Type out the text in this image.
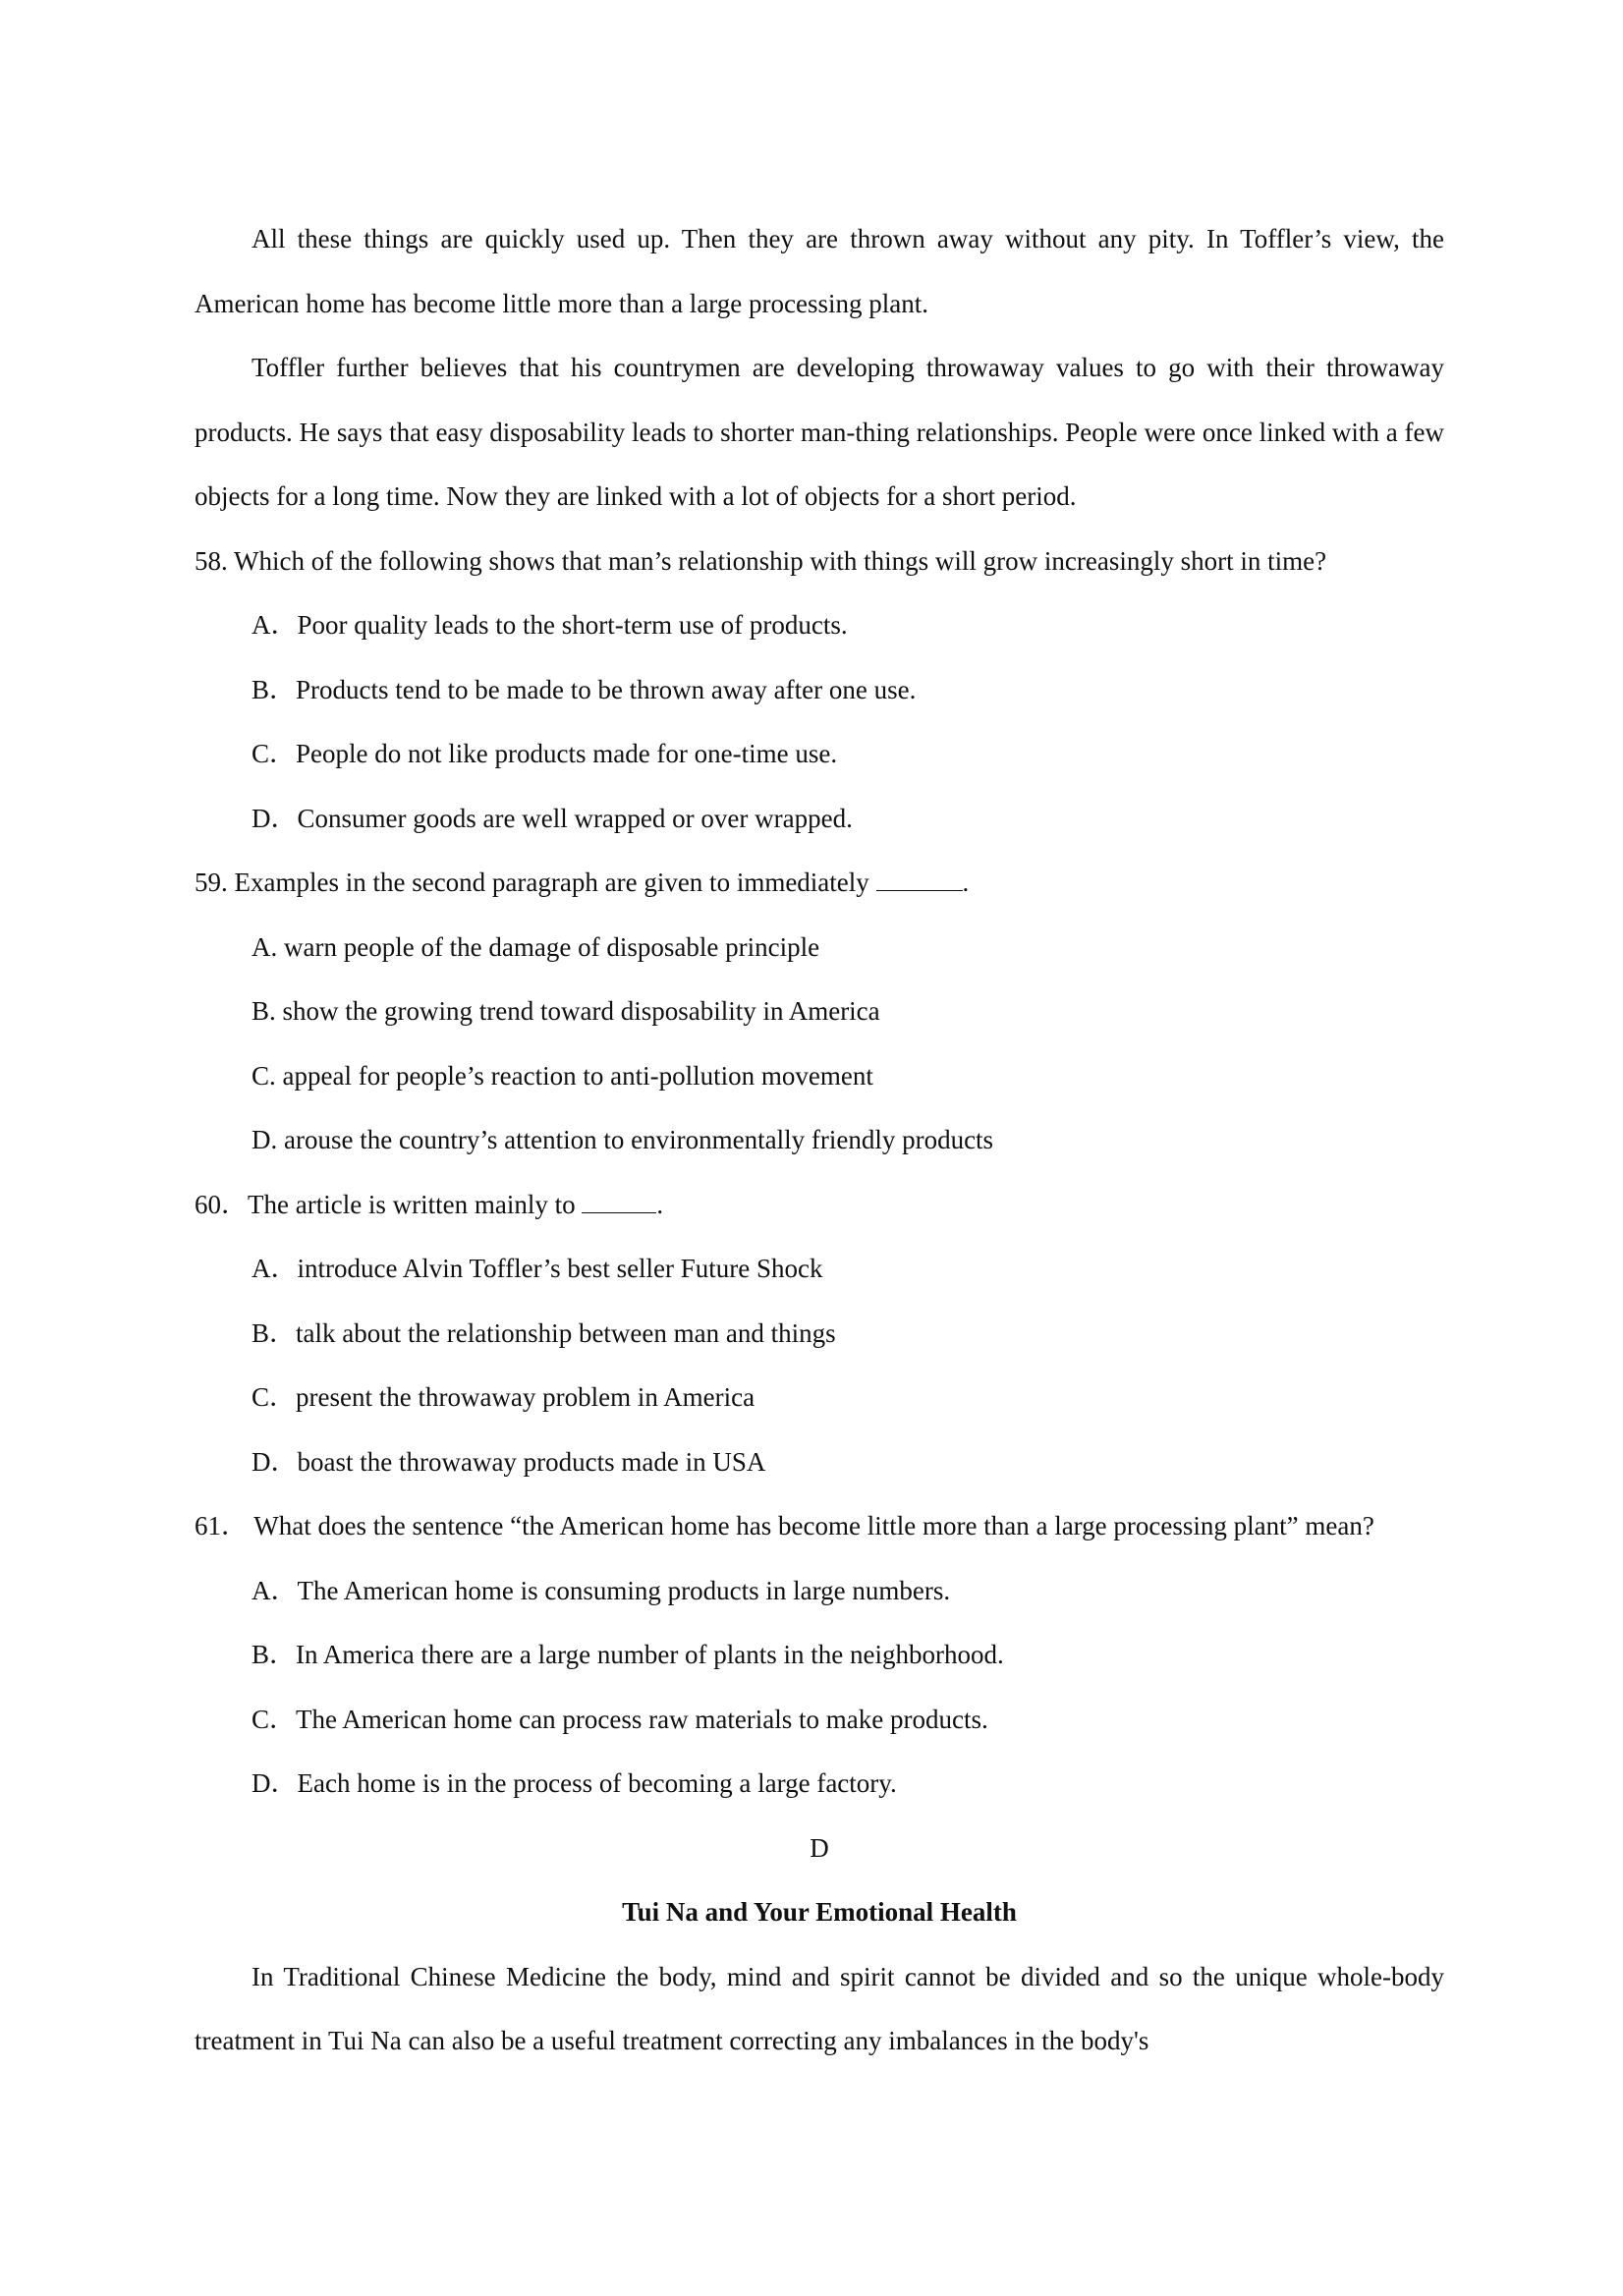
All these things are quickly used up. Then they are thrown away without any pity. In Toffler’s view, the American home has become little more than a large processing plant.

Toffler further believes that his countrymen are developing throwaway values to go with their throwaway products. He says that easy disposability leads to shorter man-thing relationships. People were once linked with a few objects for a long time. Now they are linked with a lot of objects for a short period.

58. Which of the following shows that man’s relationship with things will grow increasingly short in time?

A．Poor quality leads to the short-term use of products.

B．Products tend to be made to be thrown away after one use.

C．People do not like products made for one-time use.

D．Consumer goods are well wrapped or over wrapped.

59. Examples in the second paragraph are given to immediately	.

A. warn people of the damage of disposable principle

B. show the growing trend toward disposability in America

C. appeal for people’s reaction to anti-pollution movement

D. arouse the country’s attention to environmentally friendly products

60．The article is written mainly to	.

A．introduce Alvin Toffler’s best seller Future Shock

B．talk about the relationship between man and things

C．present the throwaway problem in America

D．boast the throwaway products made in USA

61． What does the sentence “the American home has become little more than a large processing plant” mean?

A．The American home is consuming products in large numbers.

B．In America there are a large number of plants in the neighborhood.

C．The American home can process raw materials to make products.

D．Each home is in the process of becoming a large factory.

D

Tui Na and Your Emotional Health

In Traditional Chinese Medicine the body, mind and spirit cannot be divided and so the unique whole-body treatment in Tui Na can also be a useful treatment correcting any imbalances in the body's
